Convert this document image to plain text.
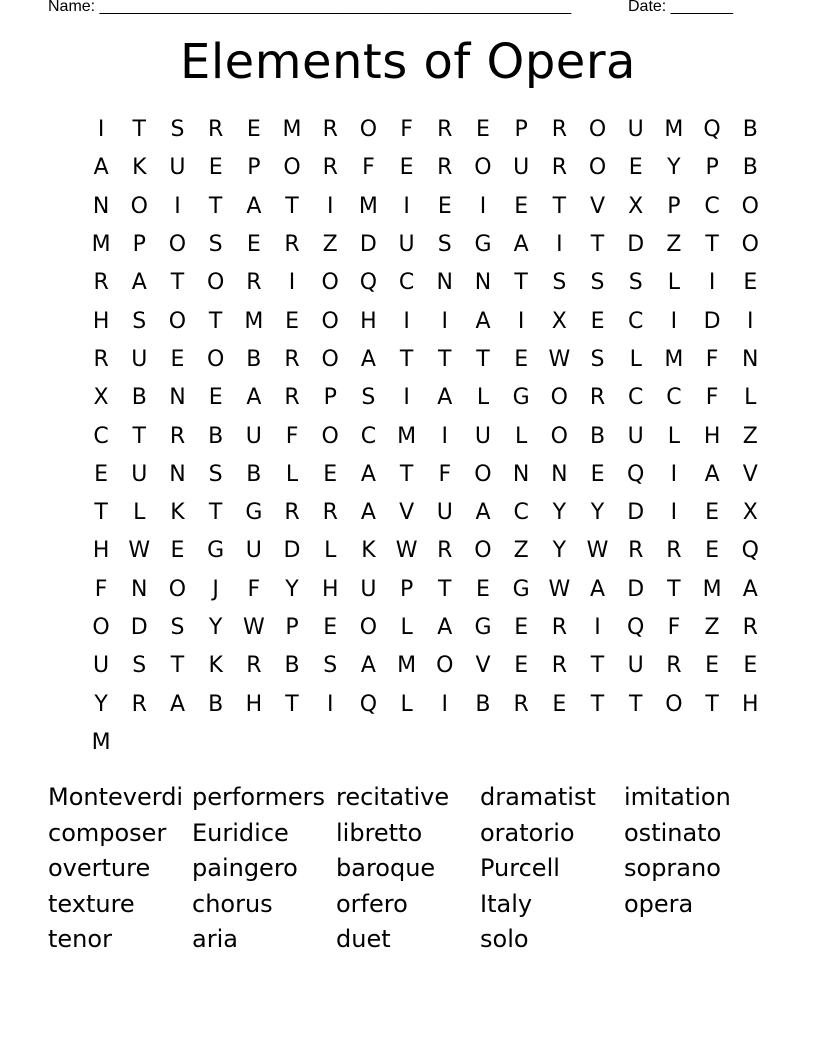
Name: _____________________________________________________	Date: _______
Elements of Opera
I	T	S	R	E M R O	F	R	E	P	R O U M Q B
A	K	U	E	P	O R	F	E	R O U	R O	E	Y	P	B
N O	I	T	A	T	I	M	I	E	I	E	T	V	X	P	C O
M	P	O	S	E	R	Z	D U	S	G	A	I	T	D	Z	T	O
R	A	T	O R	I	O Q C	N N	T	S	S	S	L	I	E
H	S	O	T M E	O H	I	I	A	I	X	E	C	I	D	I
R	U	E	O B	R O	A	T	T	T	E W S	L	M	F	N
X	B	N	E	A	R	P	S	I	A	L	G O R	C	C	F	L
C	T	R	B	U	F	O C M	I	U	L	O B	U	L	H	Z
E	U N	S	B	L	E	A	T	F	O N N	E	Q	I	A	V
T	L	K	T	G	R	R	A	V	U	A	C	Y	Y	D	I	E	X
H W E	G U D	L	K W R O Z	Y W R	R	E	Q
F	N O	J	F	Y	H U	P	T	E	G W A	D	T M A
O D	S	Y W P	E	O	L	A	G	E	R	I	Q	F	Z	R
U	S	T	K	R	B	S	A M O	V	E	R	T	U	R	E	E
Y	R	A	B	H	T	I	Q	L	I	B	R	E	T	T	O	T	H
M
Monteverdi performers recitative	dramatist	imitation
composer	Euridice	libretto	oratorio	ostinato
overture	paingero	baroque	Purcell	soprano
texture	chorus	orfero	Italy	opera
tenor	aria	duet	solo
